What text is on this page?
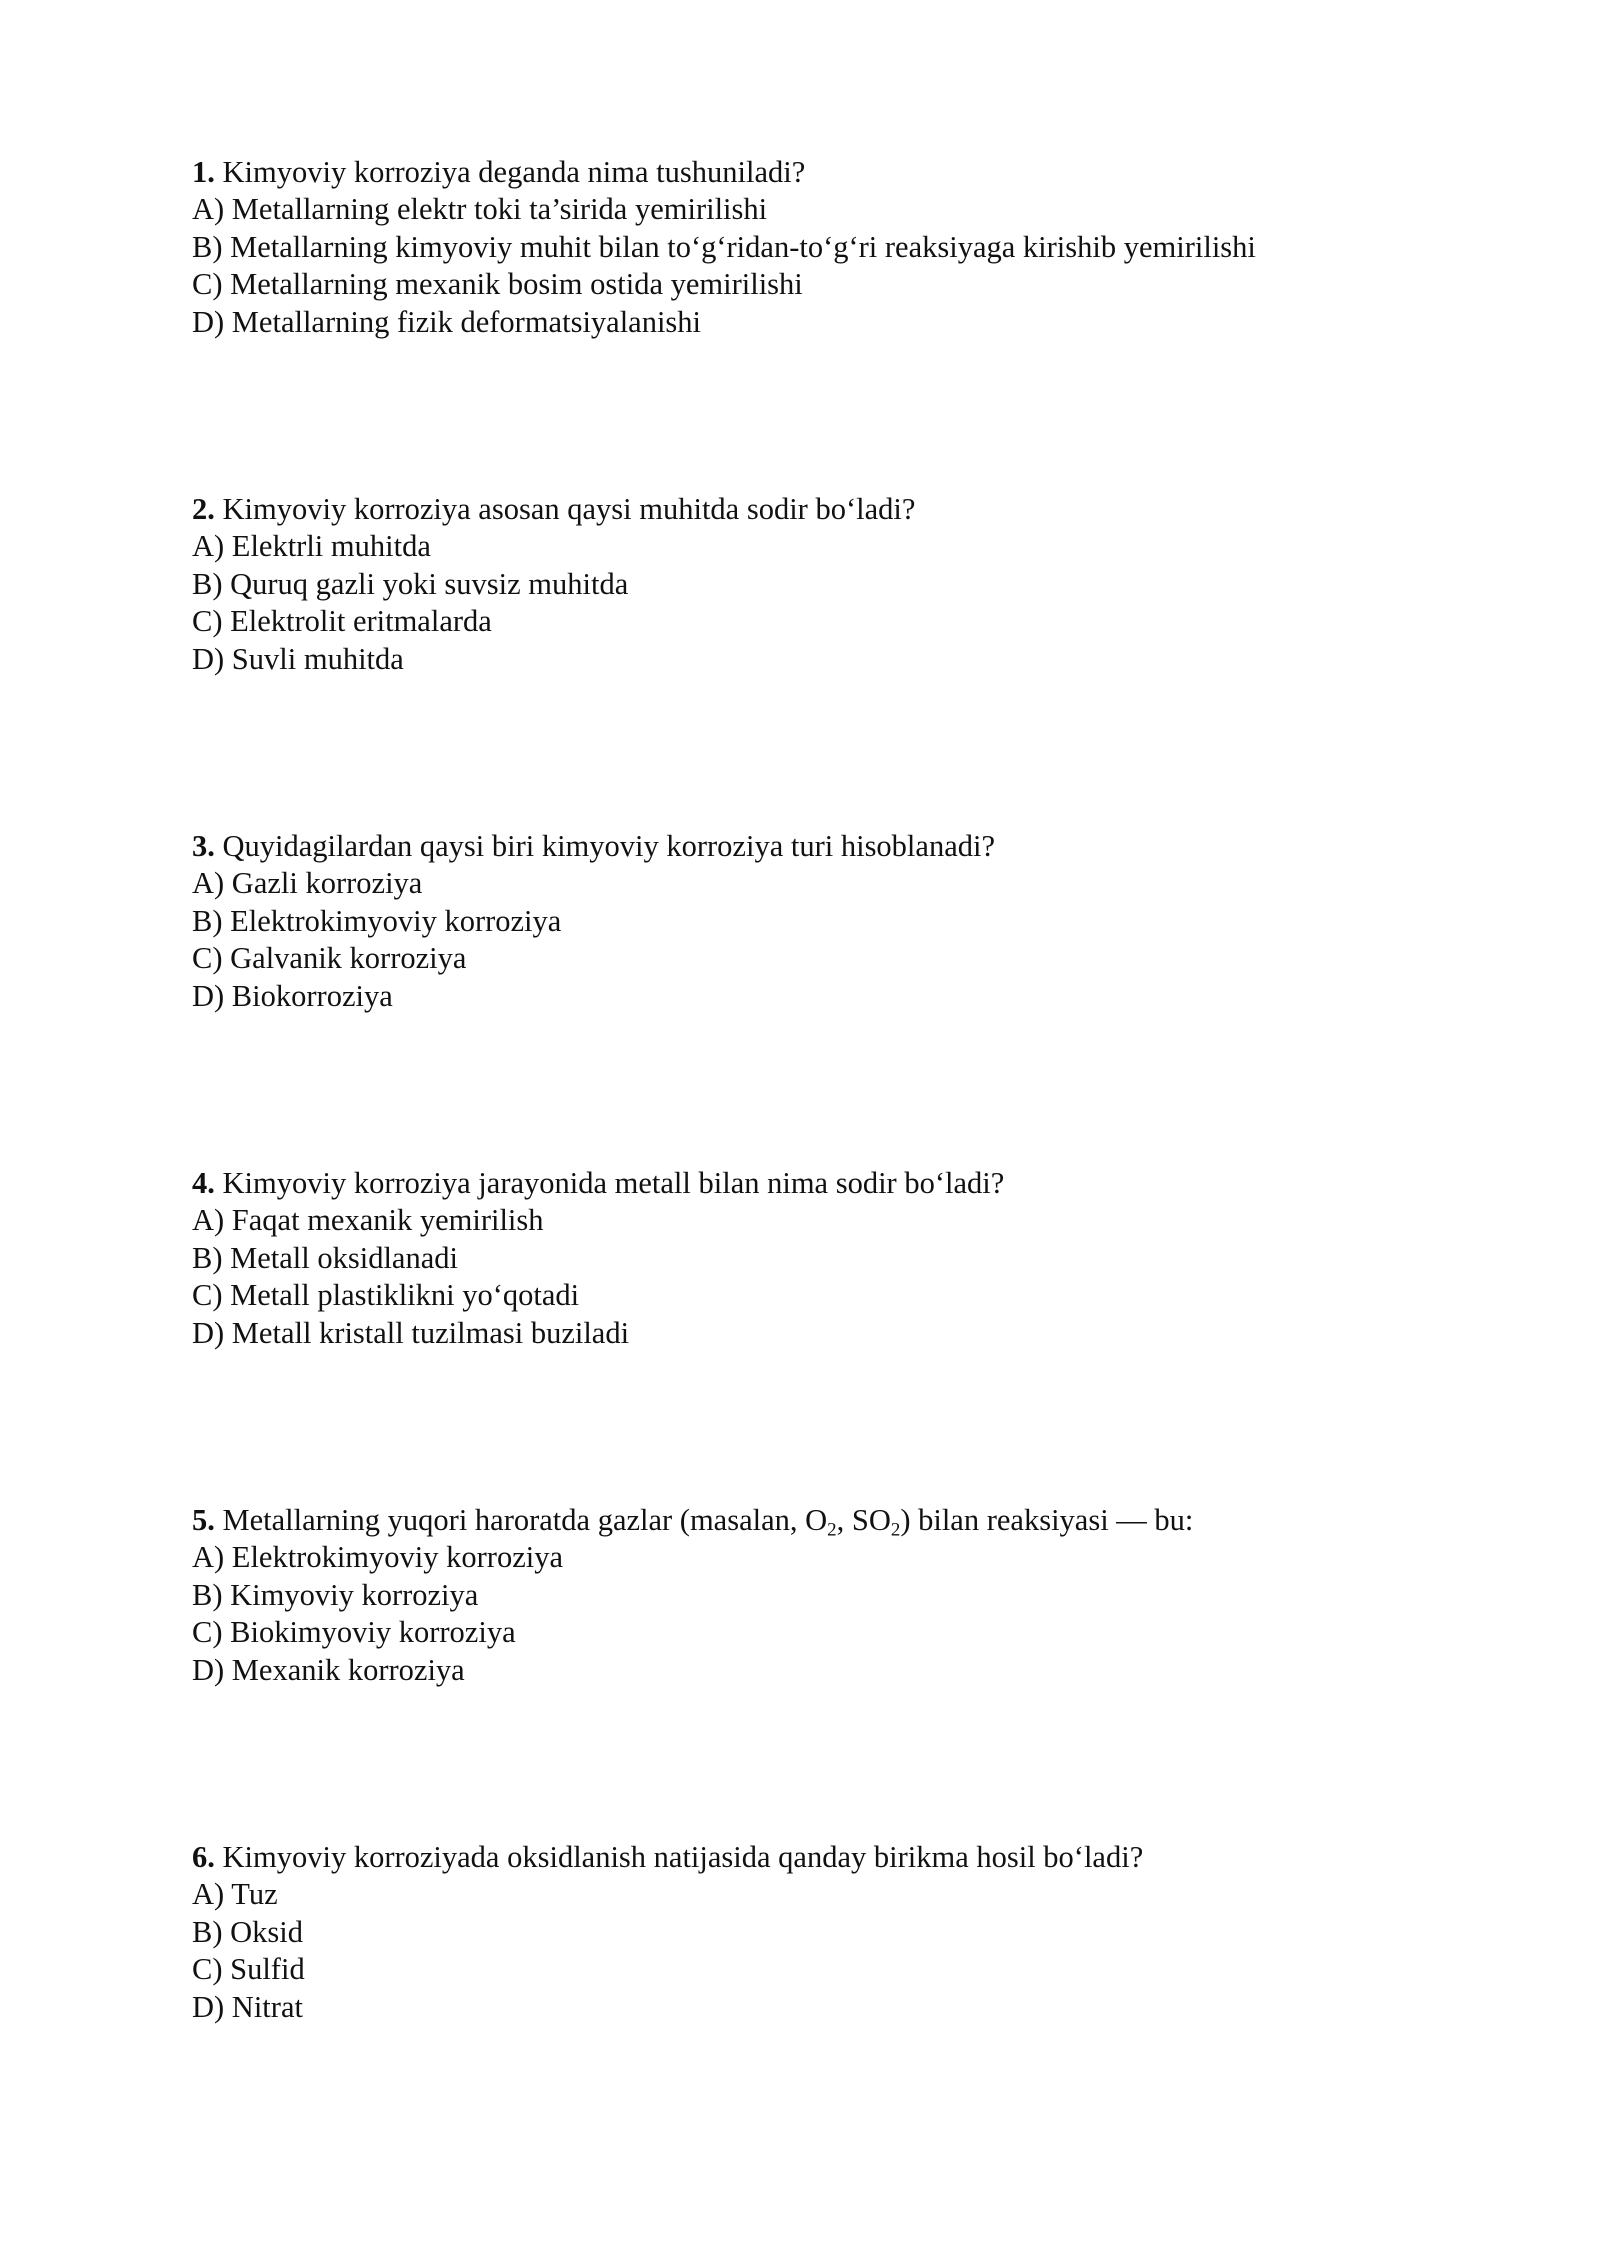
1. Kimyoviy korroziya deganda nima tushuniladi?

A) Metallarning elektr toki ta’sirida yemirilishi

B) Metallarning kimyoviy muhit bilan to‘g‘ridan-to‘g‘ri reaksiyaga kirishib yemirilishi

C) Metallarning mexanik bosim ostida yemirilishi

D) Metallarning fizik deformatsiyalanishi

2. Kimyoviy korroziya asosan qaysi muhitda sodir bo‘ladi?

A) Elektrli muhitda

B) Quruq gazli yoki suvsiz muhitda

C) Elektrolit eritmalarda

D) Suvli muhitda

3. Quyidagilardan qaysi biri kimyoviy korroziya turi hisoblanadi?

A) Gazli korroziya

B) Elektrokimyoviy korroziya

C) Galvanik korroziya

D) Biokorroziya

4. Kimyoviy korroziya jarayonida metall bilan nima sodir bo‘ladi?

A) Faqat mexanik yemirilish

B) Metall oksidlanadi

C) Metall plastiklikni yo‘qotadi

D) Metall kristall tuzilmasi buziladi

5. Metallarning yuqori haroratda gazlar (masalan, $O_2$, $SO_2$) bilan reaksiyasi — bu:

A) Elektrokimyoviy korroziya

B) Kimyoviy korroziya

C) Biokimyoviy korroziya

D) Mexanik korroziya

6. Kimyoviy korroziyada oksidlanish natijasida qanday birikma hosil bo‘ladi?

A) Tuz

B) Oksid

C) Sulfid

D) Nitrat
